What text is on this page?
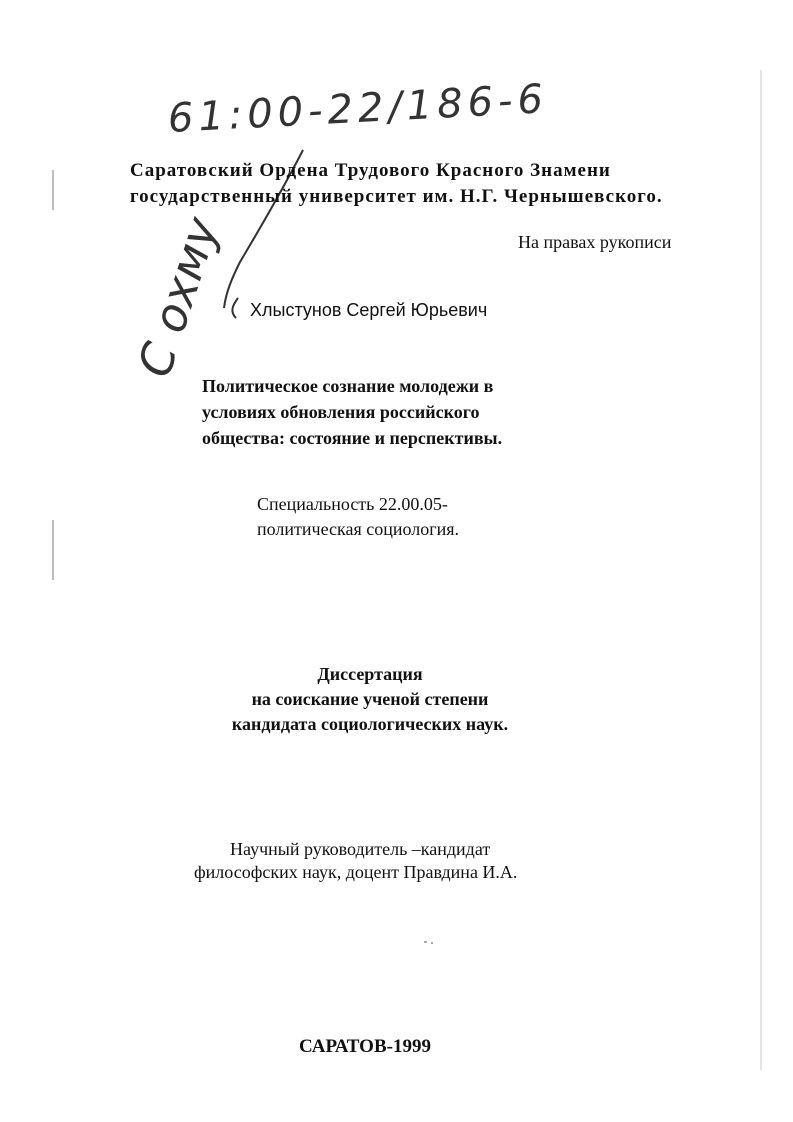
61:00-22/186-6
С охму
Саратовский Ордена Трудового Красного Знамени
государственный университет им. Н.Г. Чернышевского.
На правах рукописи
Хлыстунов Сергей Юрьевич
Политическое сознание молодежи в
условиях обновления российского
общества: состояние и перспективы.
Специальность 22.00.05-
политическая социология.
Диссертация
на соискание ученой степени
кандидата социологических наук.
Научный руководитель –кандидат
философских наук, доцент Правдина И.А.
САРАТОВ-1999
